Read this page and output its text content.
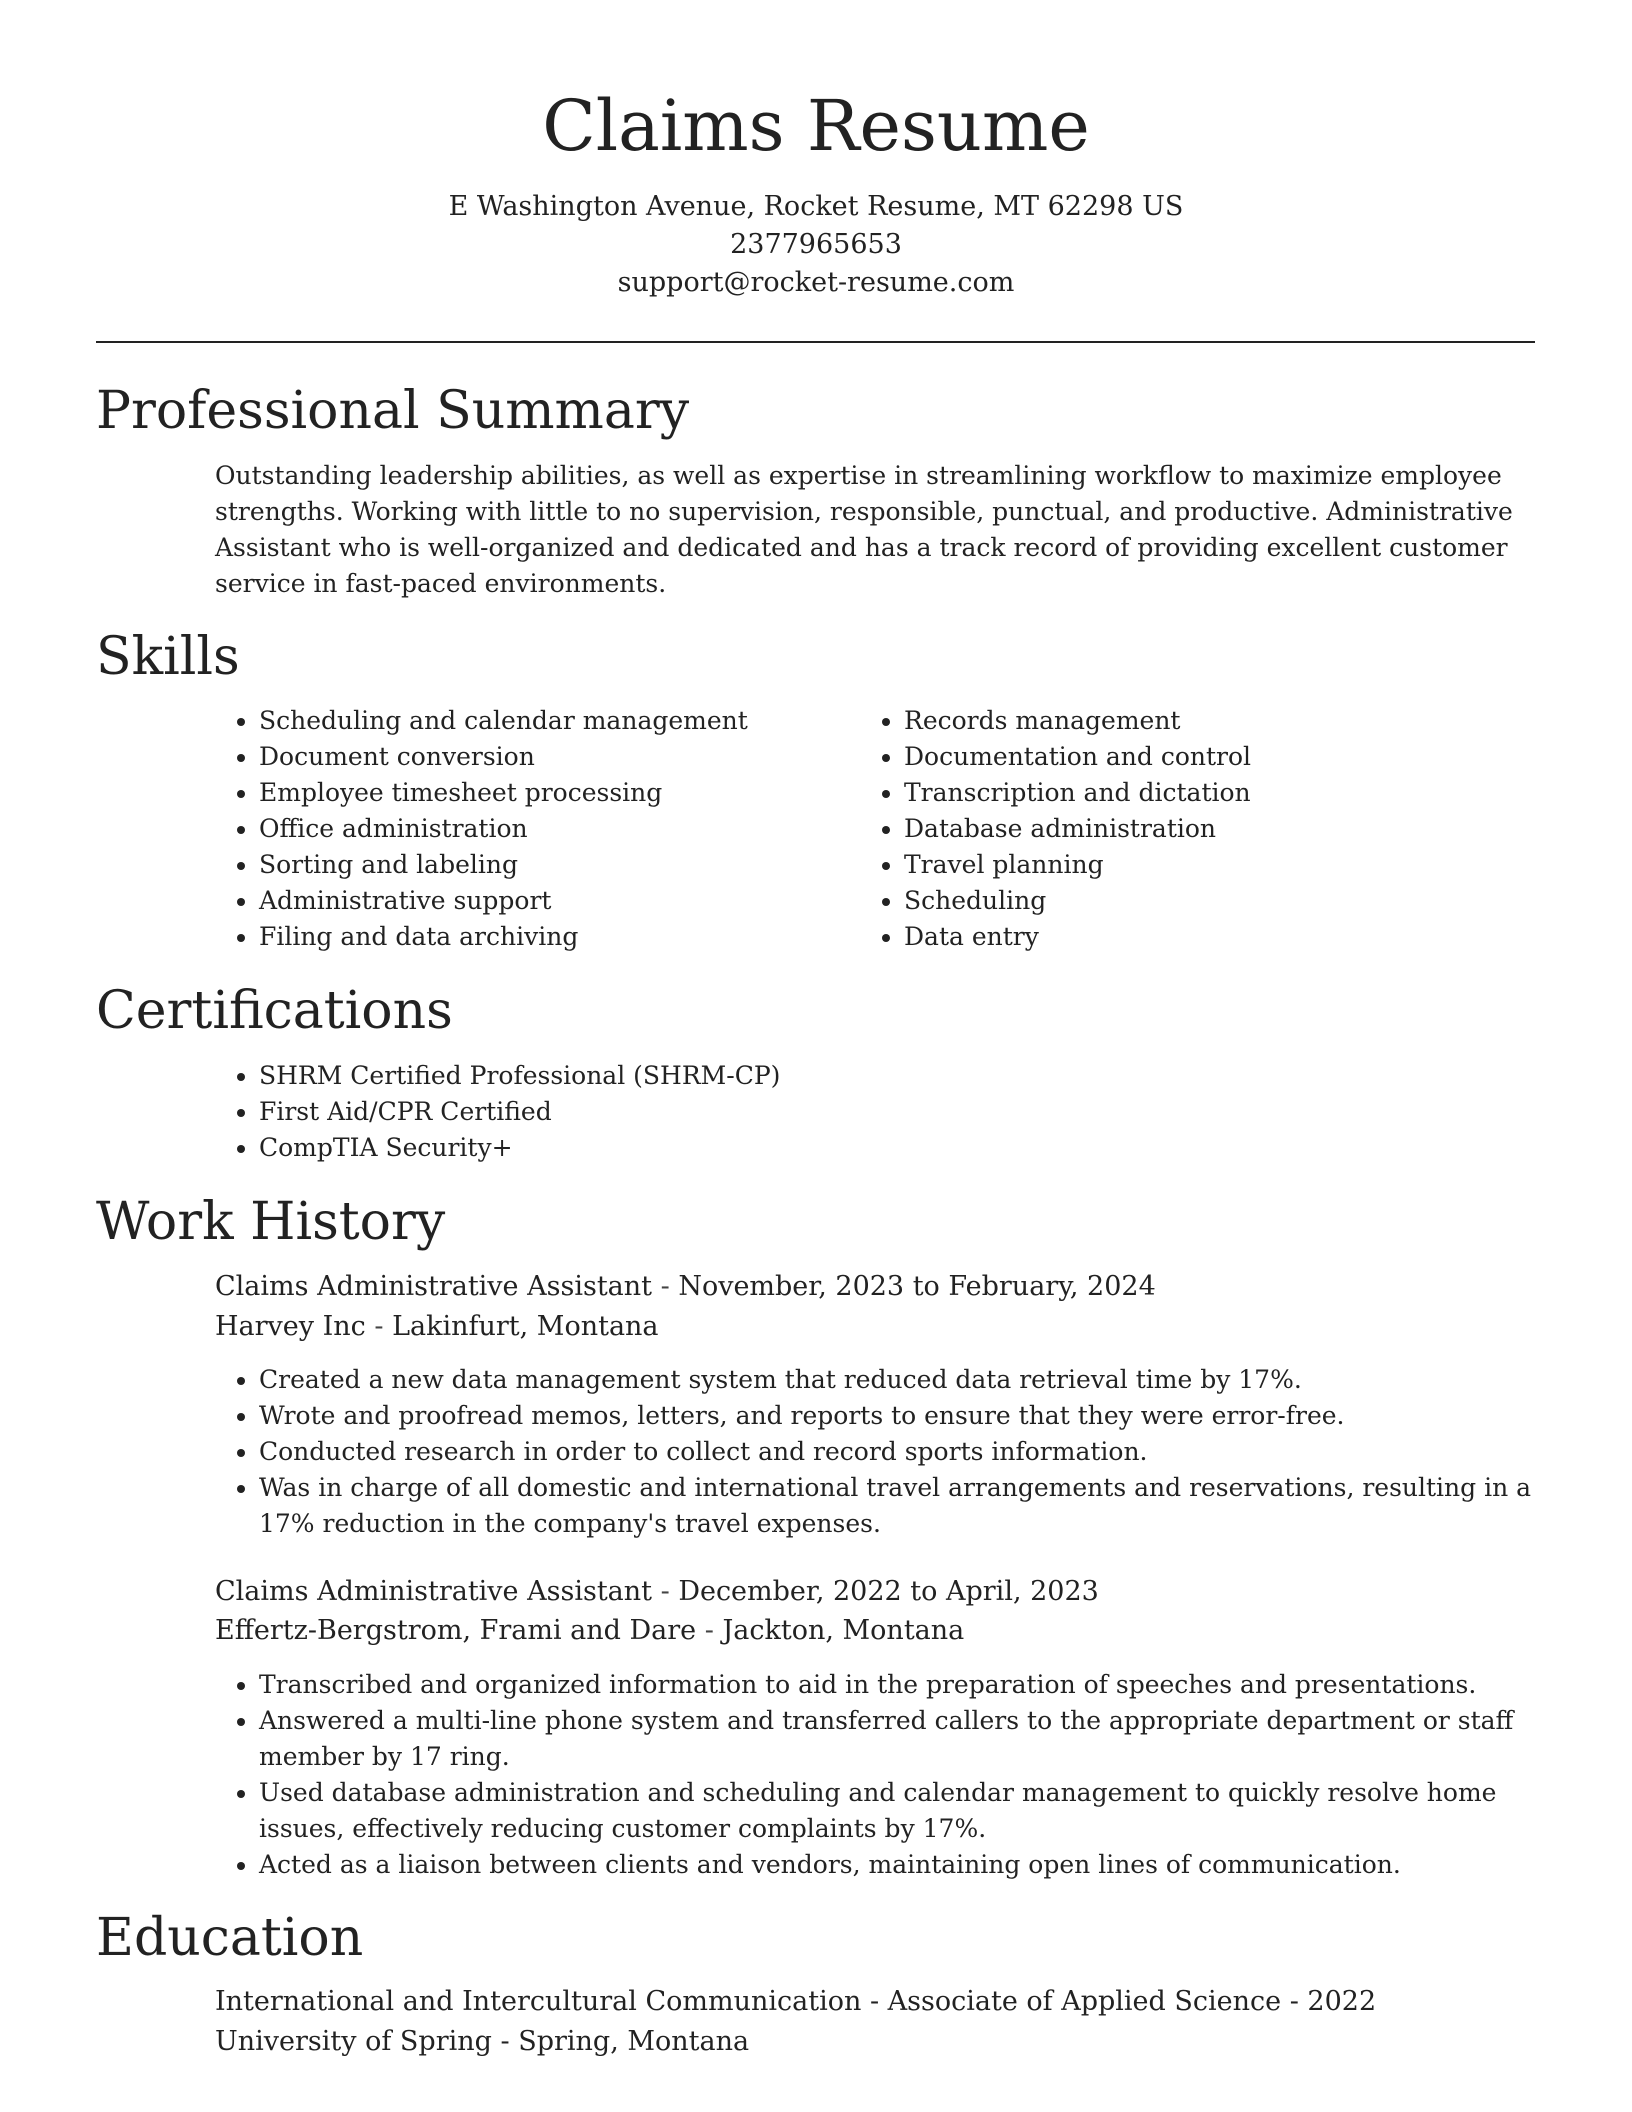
Claims Resume
E Washington Avenue, Rocket Resume, MT 62298 US
2377965653
support@rocket-resume.com
Professional Summary

Outstanding leadership abilities, as well as expertise in streamlining workflow to maximize employee strengths. Working with little to no supervision, responsible, punctual, and productive. Administrative Assistant who is well-organized and dedicated and has a track record of providing excellent customer service in fast-paced environments.

Skills
• Scheduling and calendar management
• Document conversion
• Employee timesheet processing
• Office administration
• Sorting and labeling
• Administrative support
• Filing and data archiving
• Records management
• Documentation and control
• Transcription and dictation
• Database administration
• Travel planning
• Scheduling
• Data entry
Certifications
• SHRM Certified Professional (SHRM-CP)
• First Aid/CPR Certified
• CompTIA Security+
Work History
Claims Administrative Assistant - November, 2023 to February, 2024
Harvey Inc - Lakinfurt, Montana
• Created a new data management system that reduced data retrieval time by 17%.
• Wrote and proofread memos, letters, and reports to ensure that they were error-free.
• Conducted research in order to collect and record sports information.
• Was in charge of all domestic and international travel arrangements and reservations, resulting in a 17% reduction in the company's travel expenses.
Claims Administrative Assistant - December, 2022 to April, 2023
Effertz-Bergstrom, Frami and Dare - Jackton, Montana
• Transcribed and organized information to aid in the preparation of speeches and presentations.
• Answered a multi-line phone system and transferred callers to the appropriate department or staff member by 17 ring.
• Used database administration and scheduling and calendar management to quickly resolve home issues, effectively reducing customer complaints by 17%.
• Acted as a liaison between clients and vendors, maintaining open lines of communication.
Education
International and Intercultural Communication - Associate of Applied Science - 2022
University of Spring - Spring, Montana
